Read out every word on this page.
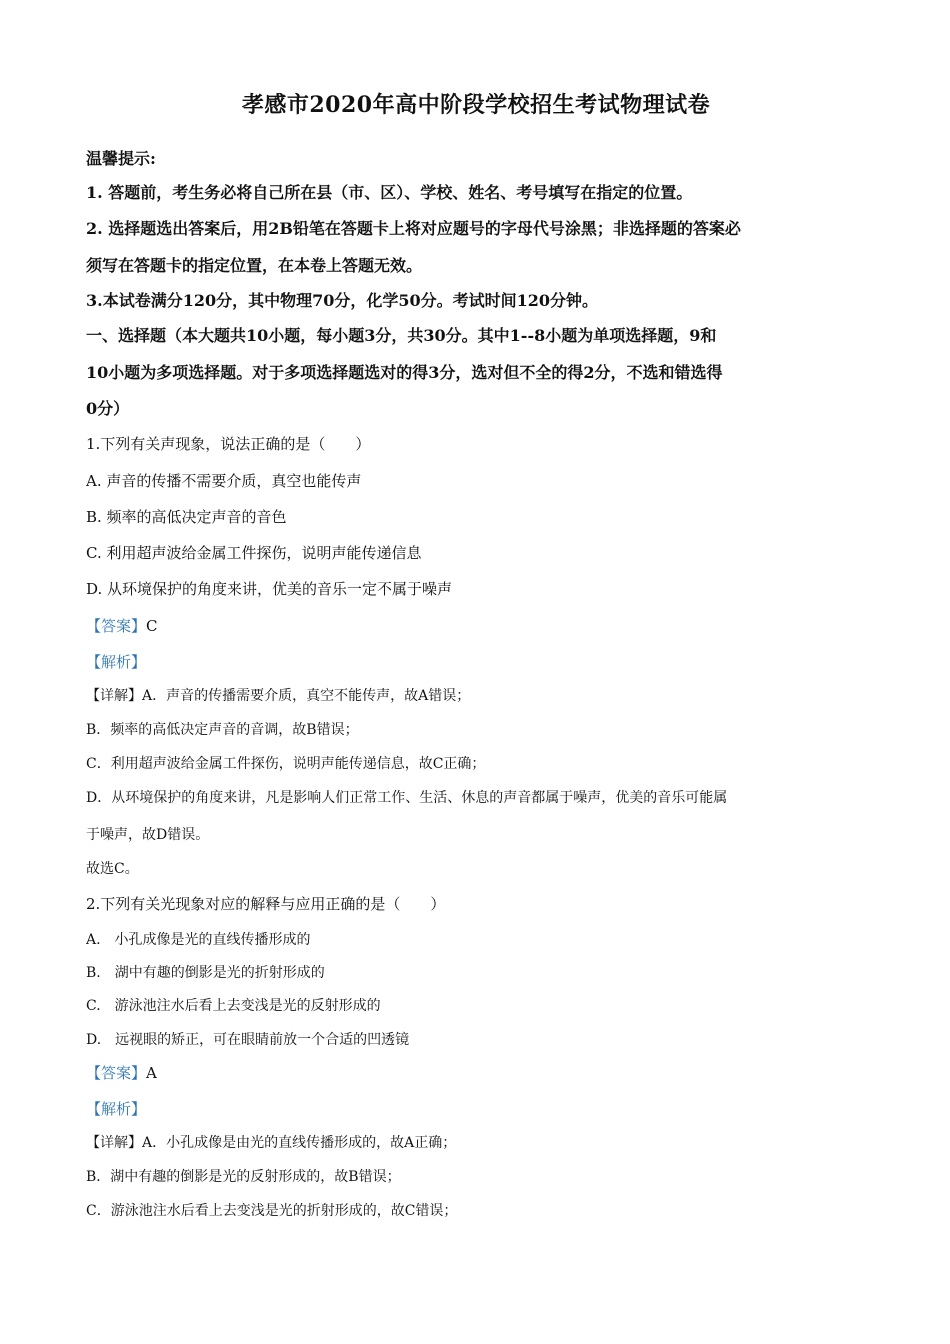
孝感市2020年高中阶段学校招生考试物理试卷
温馨提示:
1. 答题前，考生务必将自己所在县（市、区）、学校、姓名、考号填写在指定的位置。
2. 选择题选出答案后，用2B铅笔在答题卡上将对应题号的字母代号涂黑；非选择题的答案必
须写在答题卡的指定位置，在本卷上答题无效。
3.本试卷满分120分，其中物理70分，化学50分。考试时间120分钟。
一、选择题（本大题共10小题，每小题3分，共30分。其中1--8小题为单项选择题，9和
10小题为多项选择题。对于多项选择题选对的得3分，选对但不全的得2分，不选和错选得
0分）
1.下列有关声现象，说法正确的是（　　）
A. 声音的传播不需要介质，真空也能传声
B. 频率的高低决定声音的音色
C. 利用超声波给金属工件探伤，说明声能传递信息
D. 从环境保护的角度来讲，优美的音乐一定不属于噪声
【答案】C
【解析】
【详解】A．声音的传播需要介质，真空不能传声，故A错误；
B．频率的高低决定声音的音调，故B错误；
C．利用超声波给金属工件探伤，说明声能传递信息，故C正确；
D．从环境保护的角度来讲，凡是影响人们正常工作、生活、休息的声音都属于噪声，优美的音乐可能属
于噪声，故D错误。
故选C。
2.下列有关光现象对应的解释与应用正确的是（　　）
A.　小孔成像是光的直线传播形成的
B.　湖中有趣的倒影是光的折射形成的
C.　游泳池注水后看上去变浅是光的反射形成的
D.　远视眼的矫正，可在眼睛前放一个合适的凹透镜
【答案】A
【解析】
【详解】A．小孔成像是由光的直线传播形成的，故A正确；
B．湖中有趣的倒影是光的反射形成的，故B错误；
C．游泳池注水后看上去变浅是光的折射形成的，故C错误；
